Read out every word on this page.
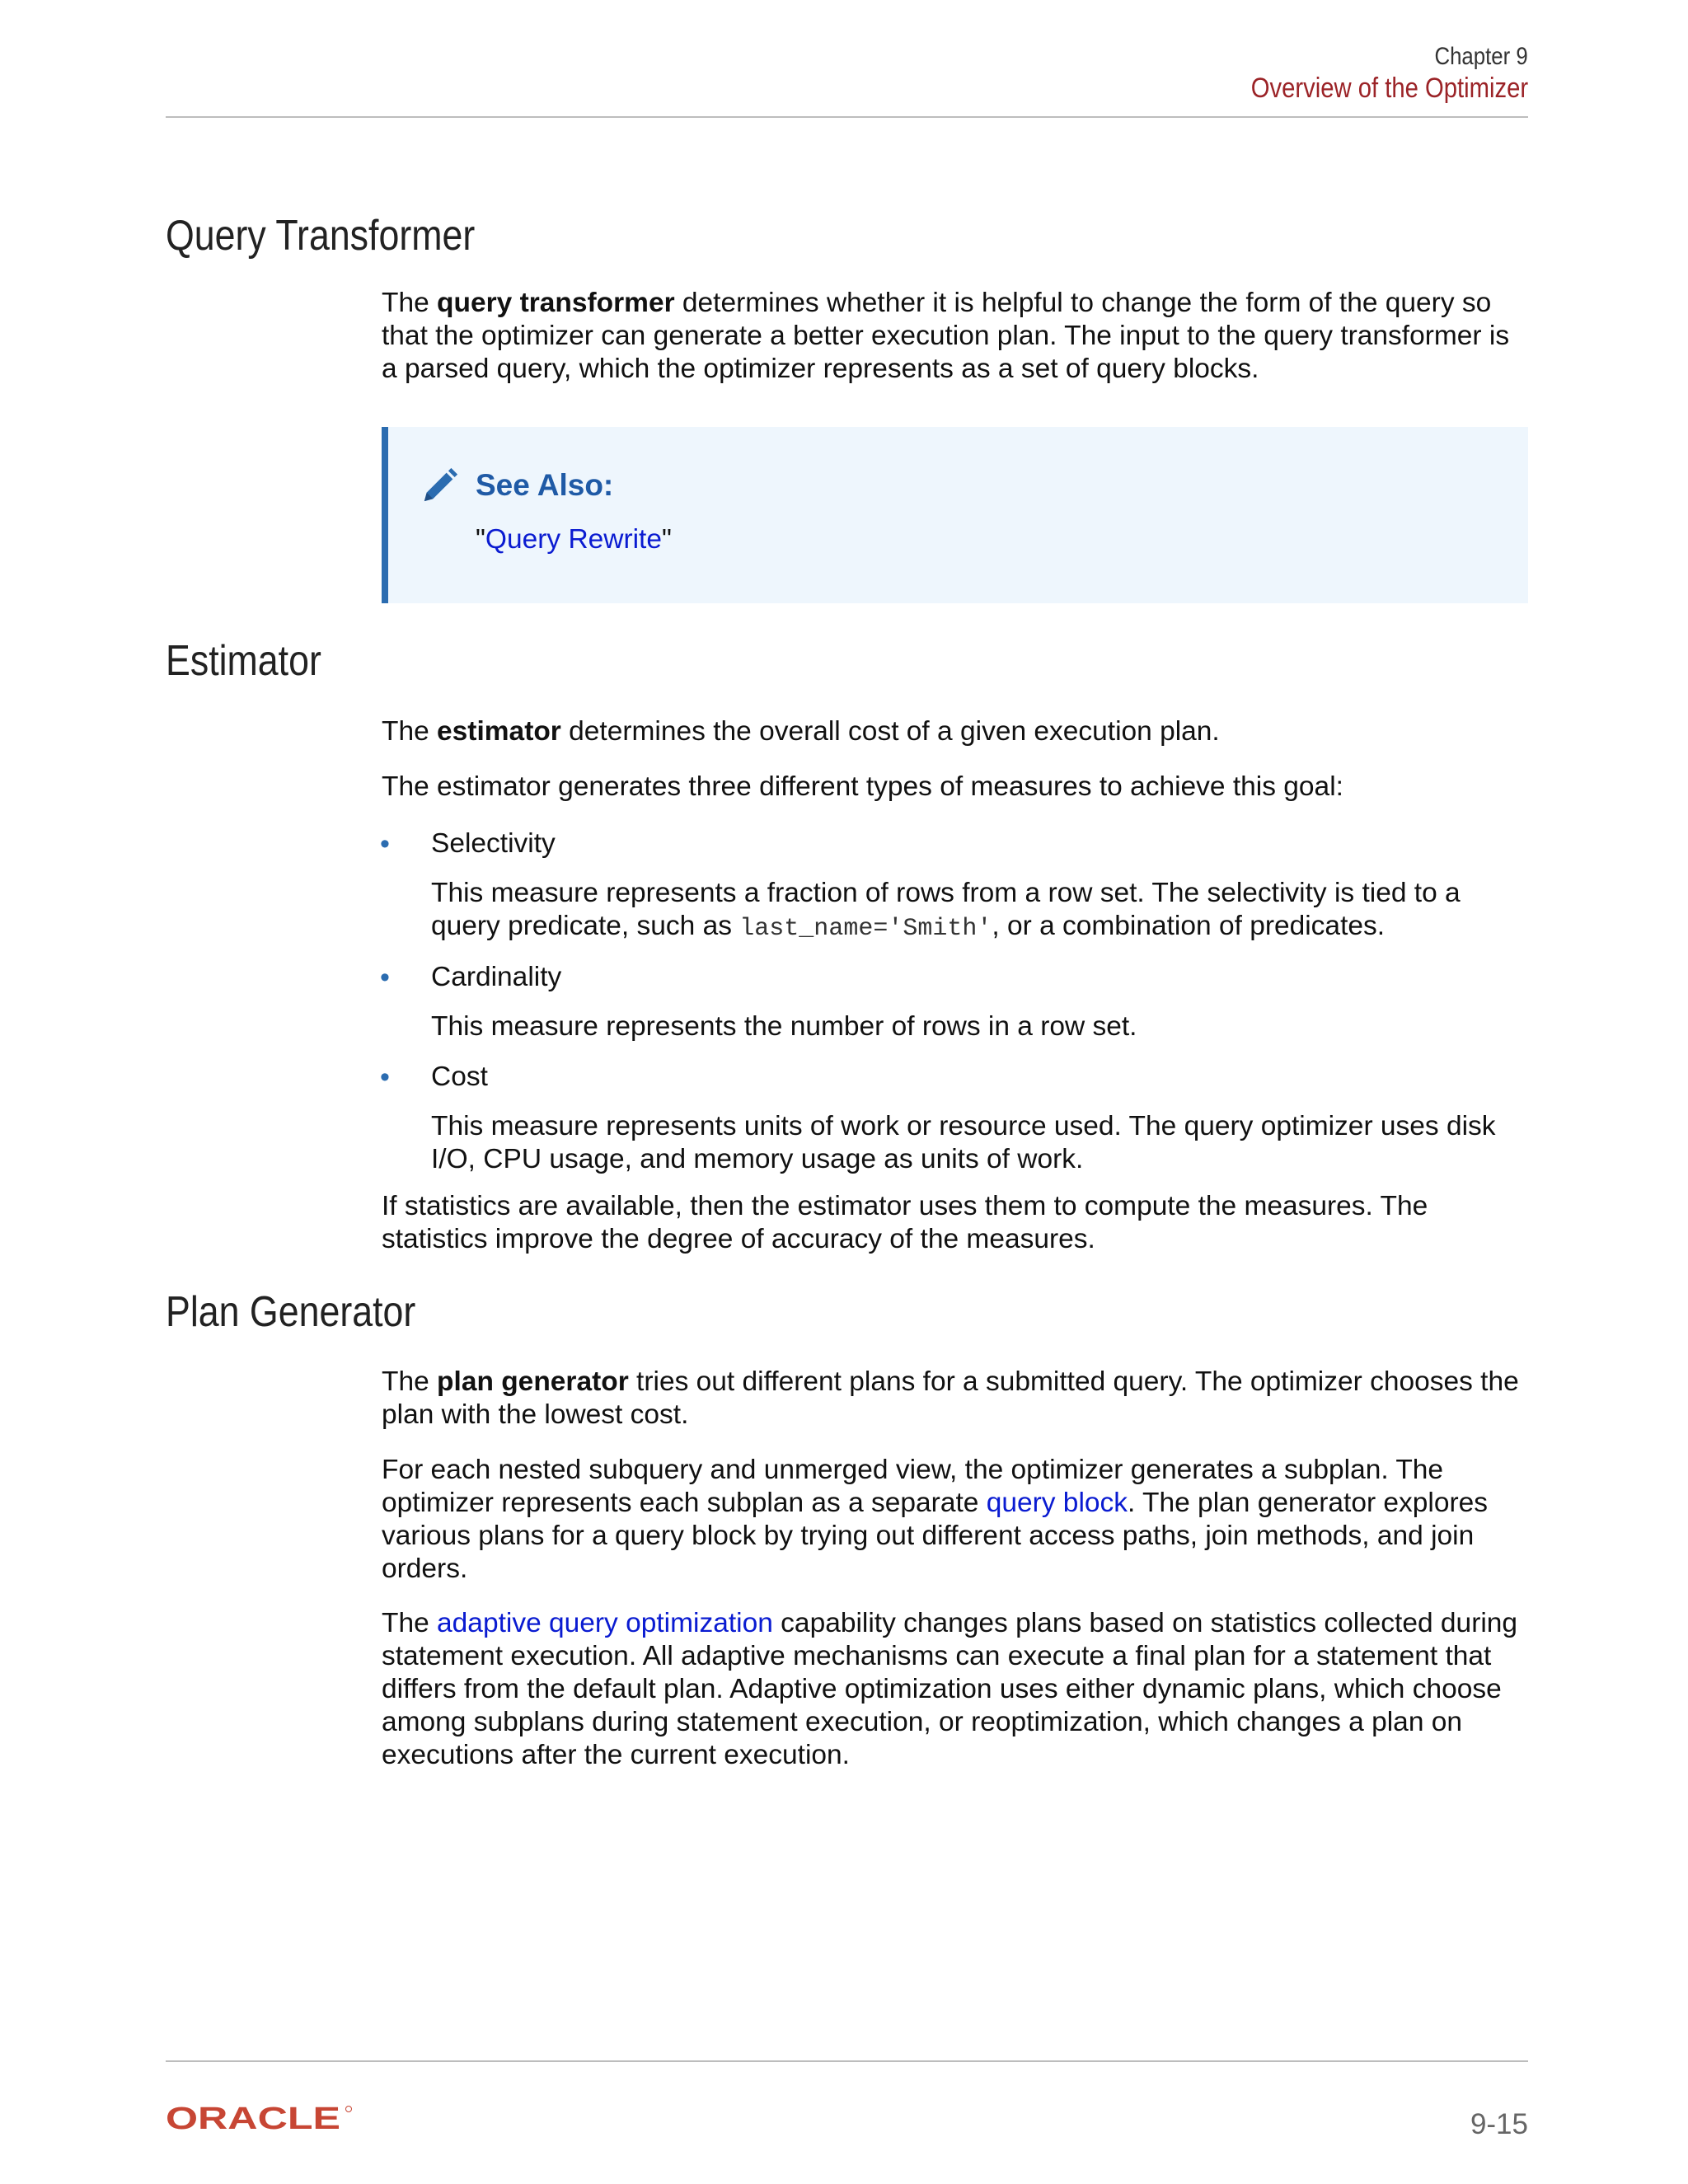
Chapter 9
Overview of the Optimizer
Query Transformer

The query transformer determines whether it is helpful to change the form of the query so that the optimizer can generate a better execution plan. The input to the query transformer is a parsed query, which the optimizer represents as a set of query blocks.

See Also:
"Query Rewrite"
Estimator

The estimator determines the overall cost of a given execution plan.

The estimator generates three different types of measures to achieve this goal:

• Selectivity

This measure represents a fraction of rows from a row set. The selectivity is tied to a query predicate, such as last_name='Smith', or a combination of predicates.

• Cardinality

This measure represents the number of rows in a row set.

• Cost

This measure represents units of work or resource used. The query optimizer uses disk I/O, CPU usage, and memory usage as units of work.

If statistics are available, then the estimator uses them to compute the measures. The statistics improve the degree of accuracy of the measures.

Plan Generator

The plan generator tries out different plans for a submitted query. The optimizer chooses the plan with the lowest cost.

For each nested subquery and unmerged view, the optimizer generates a subplan. The optimizer represents each subplan as a separate query block. The plan generator explores various plans for a query block by trying out different access paths, join methods, and join orders.

The adaptive query optimization capability changes plans based on statistics collected during statement execution. All adaptive mechanisms can execute a final plan for a statement that differs from the default plan. Adaptive optimization uses either dynamic plans, which choose among subplans during statement execution, or reoptimization, which changes a plan on executions after the current execution.

ORACLE	9-15
